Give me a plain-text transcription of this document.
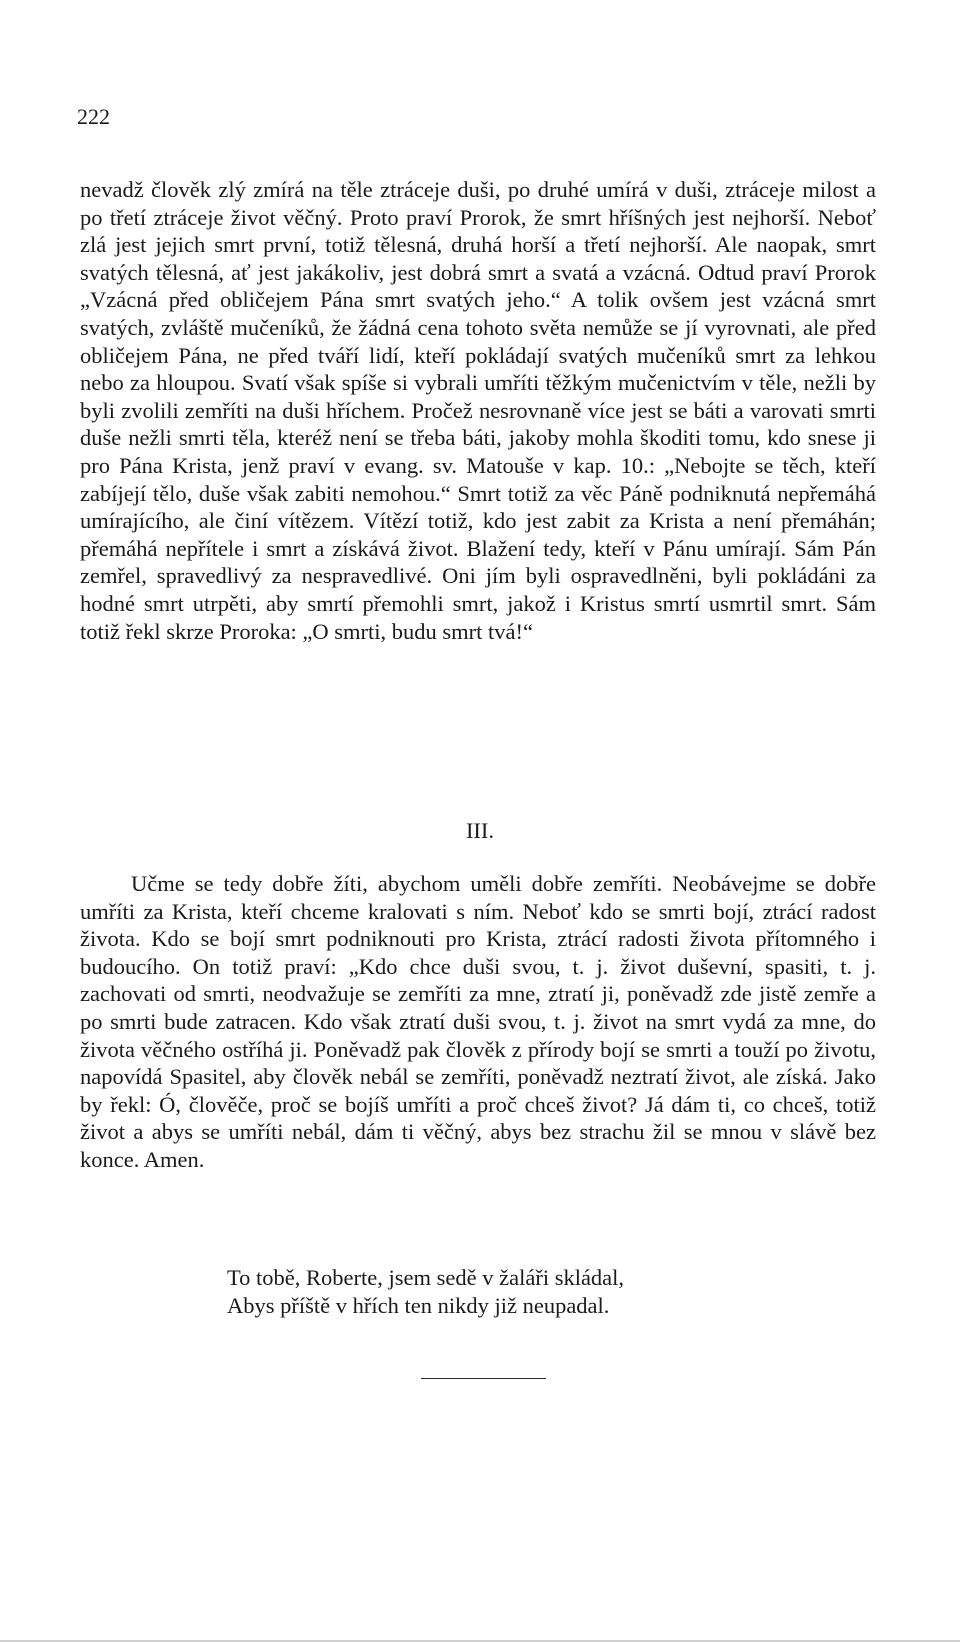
222
nevadž člověk zlý zmírá na těle ztráceje duši, po druhé umírá v duši, ztráceje milost a po třetí ztráceje život věčný. Proto praví Prorok, že smrt hříšných jest nejhorší. Neboť zlá jest jejich smrt první, totiž tělesná, druhá horší a třetí nejhorší. Ale naopak, smrt svatých tělesná, ať jest jakákoliv, jest dobrá smrt a svatá a vzácná. Odtud praví Prorok „Vzácná před obličejem Pána smrt svatých jeho.“ A tolik ovšem jest vzácná smrt svatých, zvláště mučeníků, že žádná cena tohoto světa nemůže se jí vyrovnati, ale před obličejem Pána, ne před tváří lidí, kteří pokládají svatých mučeníků smrt za lehkou nebo za hloupou. Svatí však spíše si vybrali umříti těžkým mučenictvím v těle, nežli by byli zvolili zemříti na duši hříchem. Pročež nesrovnaně více jest se báti a varovati smrti duše nežli smrti těla, kteréž není se třeba báti, jakoby mohla škoditi tomu, kdo snese ji pro Pána Krista, jenž praví v evang. sv. Matouše v kap. 10.: „Nebojte se těch, kteří zabíjejí tělo, duše však zabiti nemohou.“ Smrt totiž za věc Páně podniknutá nepřemáhá umírajícího, ale činí vítězem. Vítězí totiž, kdo jest zabit za Krista a není přemáhán; přemáhá nepřítele i smrt a získává život. Blažení tedy, kteří v Pánu umírají. Sám Pán zemřel, spravedlivý za nespravedlivé. Oni jím byli ospravedlněni, byli pokládáni za hodné smrt utrpěti, aby smrtí přemohli smrt, jakož i Kristus smrtí usmrtil smrt. Sám totiž řekl skrze Proroka: „O smrti, budu smrt tvá!“
III.
Učme se tedy dobře žíti, abychom uměli dobře zemříti. Neobávejme se dobře umříti za Krista, kteří chceme kralovati s ním. Neboť kdo se smrti bojí, ztrácí radost života. Kdo se bojí smrt podniknouti pro Krista, ztrácí radosti života přítomného i budoucího. On totiž praví: „Kdo chce duši svou, t. j. život duševní, spasiti, t. j. zachovati od smrti, neodvažuje se zemříti za mne, ztratí ji, poněvadž zde jistě zemře a po smrti bude zatracen. Kdo však ztratí duši svou, t. j. život na smrt vydá za mne, do života věčného ostříhá ji. Poněvadž pak člověk z přírody bojí se smrti a touží po životu, napovídá Spasitel, aby člověk nebál se zemříti, poněvadž neztratí život, ale získá. Jako by řekl: Ó, člověče, proč se bojíš umříti a proč chceš život? Já dám ti, co chceš, totiž život a abys se umříti nebál, dám ti věčný, abys bez strachu žil se mnou v slávě bez konce. Amen.
To tobě, Roberte, jsem sedě v žaláři skládal,
Abys příště v hřích ten nikdy již neupadal.
